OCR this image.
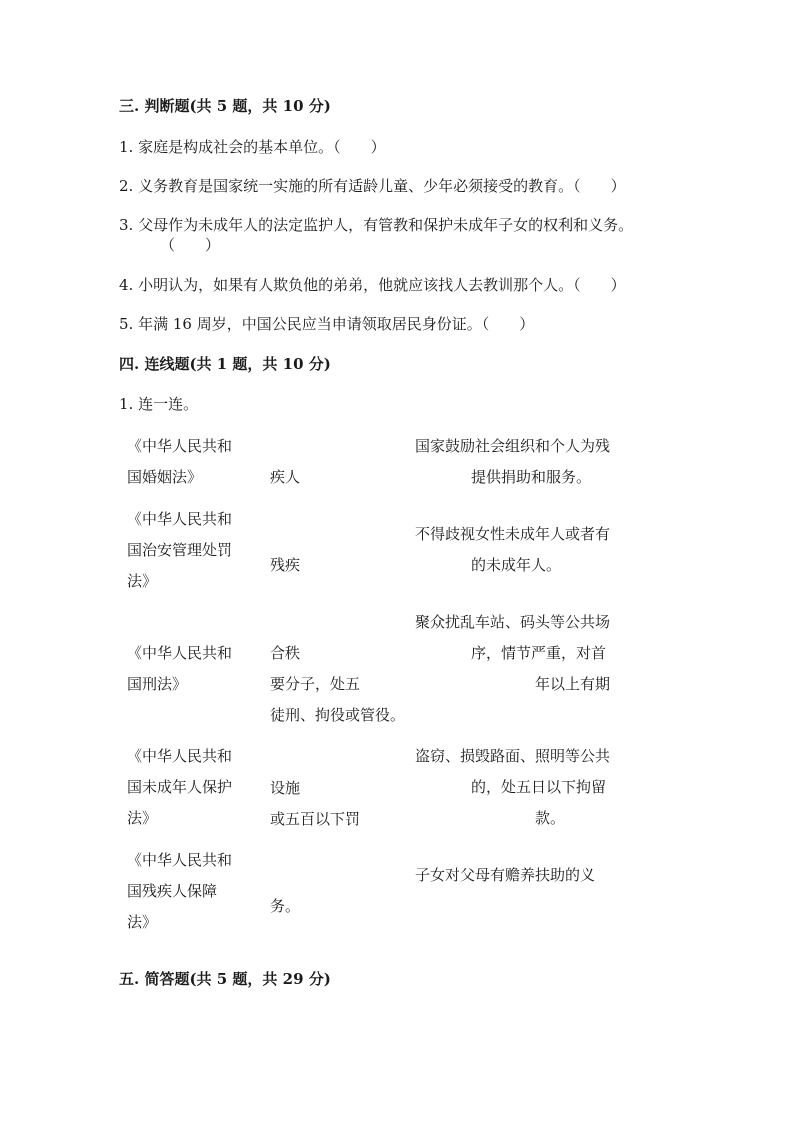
三. 判断题(共 5 题，共 10 分)
1. 家庭是构成社会的基本单位。（　　）
2. 义务教育是国家统一实施的所有适龄儿童、少年必须接受的教育。（　　）
3. 父母作为未成年人的法定监护人，有管教和保护未成年子女的权利和义务。
（　　）
4. 小明认为，如果有人欺负他的弟弟，他就应该找人去教训那个人。（　　）
5. 年满 16 周岁，中国公民应当申请领取居民身份证。（　　）
四. 连线题(共 1 题，共 10 分)
1. 连一连。
《中华人民共和
国婚姻法》	疾人
国家鼓励社会组织和个人为残
提供捐助和服务。
《中华人民共和
国治安管理处罚
法》
残疾
不得歧视女性未成年人或者有
的未成年人。
《中华人民共和
国刑法》
合秩
要分子，处五
徒刑、拘役或管役。
聚众扰乱车站、码头等公共场
序，情节严重，对首
年以上有期
《中华人民共和
国未成年人保护
法》
设施
或五百以下罚
盗窃、损毁路面、照明等公共
的，处五日以下拘留
款。
《中华人民共和
国残疾人保障
法》
务。
子女对父母有赡养扶助的义
五. 简答题(共 5 题，共 29 分)
